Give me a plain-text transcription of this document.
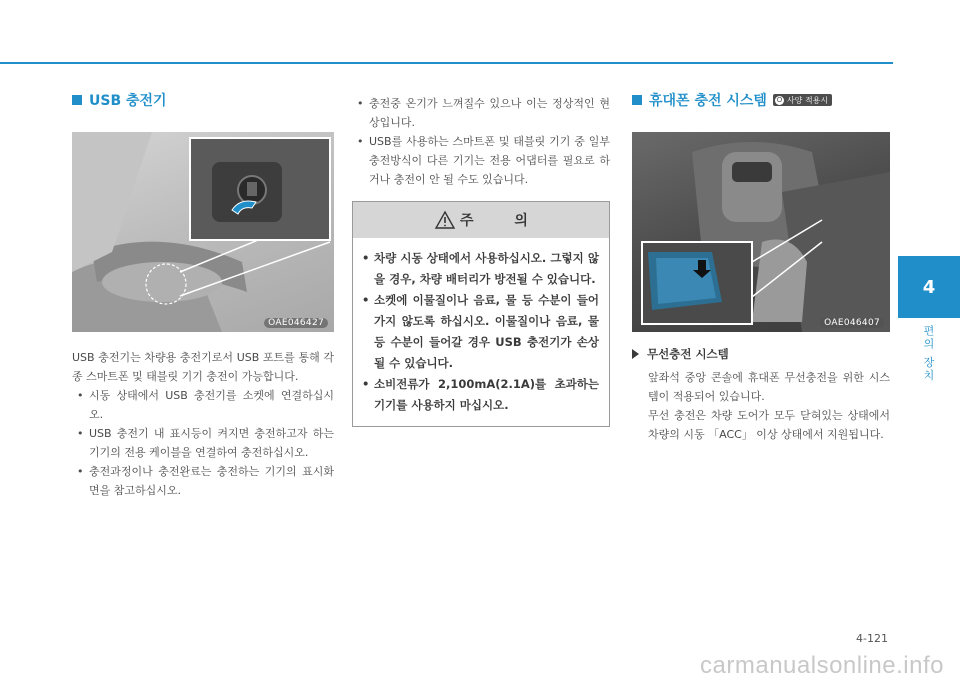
USB 충전기
OAE046427

USB 충전기는 차량용 충전기로서 USB 포트를 통해 각종 스마트폰 및 태블릿 기기 충전이 가능합니다.

• 시동 상태에서 USB 충전기를 소켓에 연결하십시오.
• USB 충전기 내 표시등이 켜지면 충전하고자 하는 기기의 전용 케이블을 연결하여 충전하십시오.
• 충전과정이나 충전완료는 충전하는 기기의 표시화면을 참고하십시오.
• 충전중 온기가 느껴질수 있으나 이는 정상적인 현상입니다.
• USB를 사용하는 스마트폰 및 태블릿 기기 중 일부 충전방식이 다른 기기는 전용 어댑터를 필요로 하거나 충전이 안 될 수도 있습니다.
주 의
• 차량 시동 상태에서 사용하십시오. 그렇지 않을 경우, 차량 배터리가 방전될 수 있습니다.
• 소켓에 이물질이나 음료, 물 등 수분이 들어가지 않도록 하십시오. 이물질이나 음료, 물 등 수분이 들어갈 경우 USB 충전기가 손상될 수 있습니다.
• 소비전류가 2,100mA(2.1A)를 초과하는 기기를 사용하지 마십시오.
휴대폰 충전 시스템 O 사양 적용시
OAE046407
무선충전 시스템

앞좌석 중앙 콘솔에 휴대폰 무선충전을 위한 시스템이 적용되어 있습니다.

무선 충전은 차량 도어가 모두 닫혀있는 상태에서 차량의 시동 「ACC」 이상 상태에서 지원됩니다.

4
편의 장치
4-121
carmanualsonline.info
